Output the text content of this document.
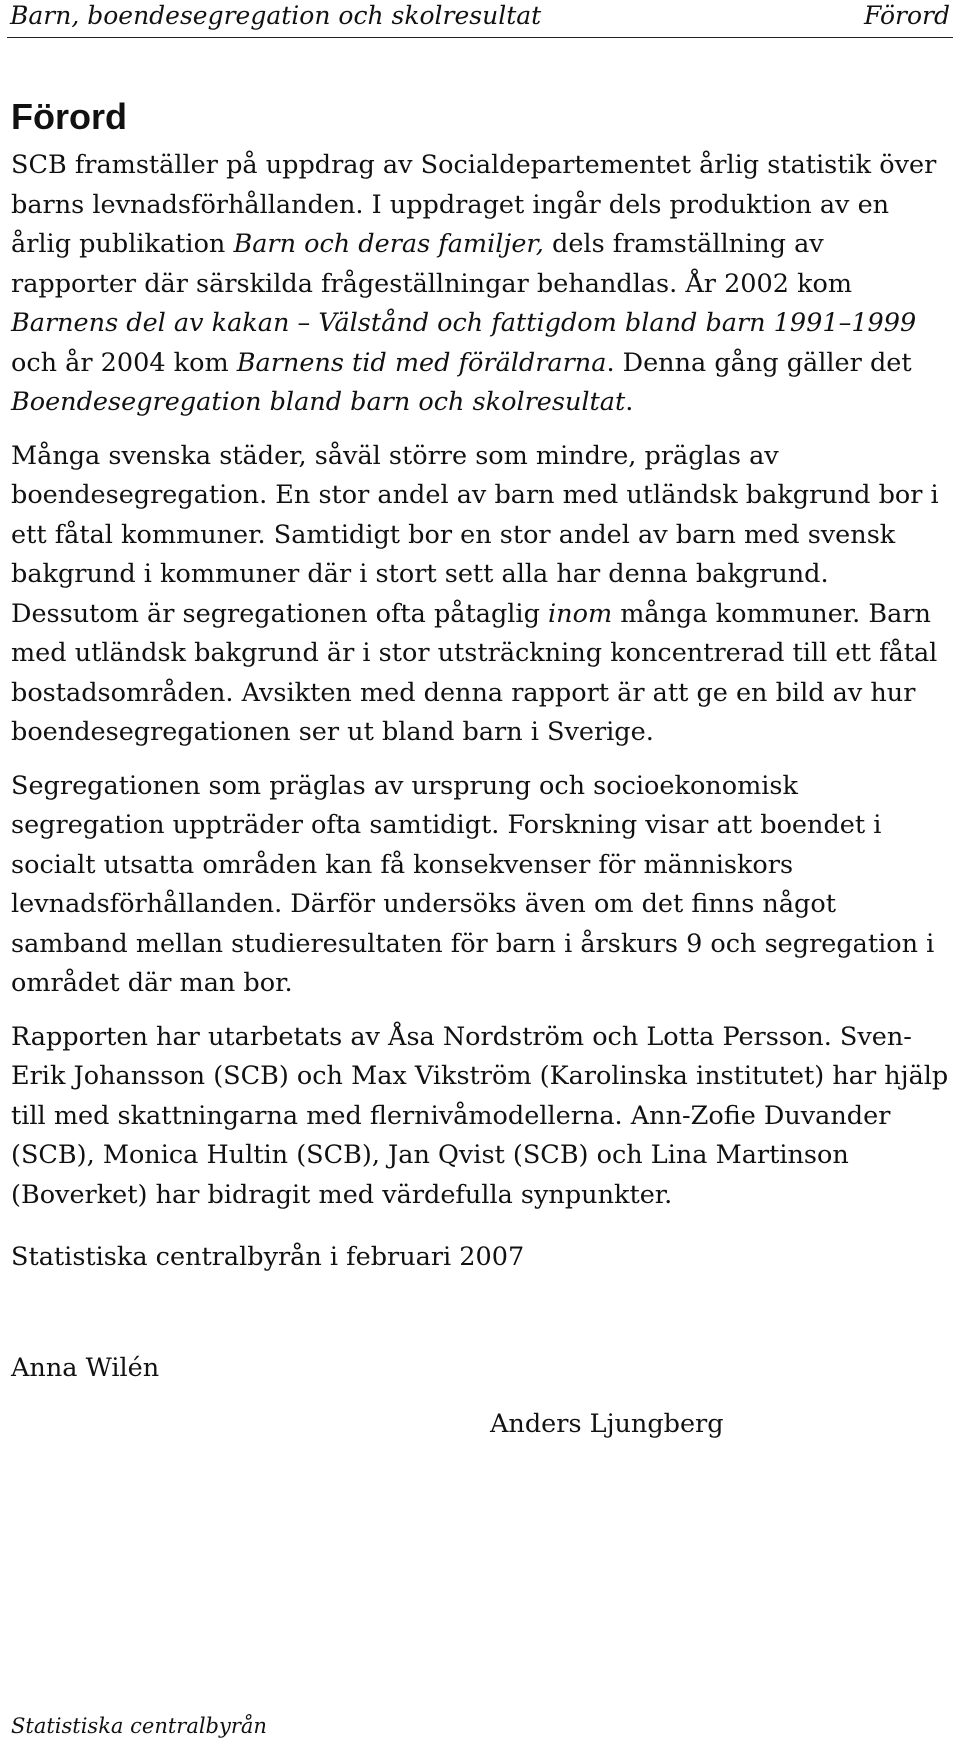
Barn, boendesegregation och skolresultat	Förord
Förord

SCB framställer på uppdrag av Socialdepartementet årlig statistik över barns levnadsförhållanden. I uppdraget ingår dels produktion av en årlig publikation Barn och deras familjer, dels framställning av rapporter där särskilda frågeställningar behandlas. År 2002 kom Barnens del av kakan – Välstånd och fattigdom bland barn 1991–1999 och år 2004 kom Barnens tid med föräldrarna. Denna gång gäller det Boendesegregation bland barn och skolresultat.

Många svenska städer, såväl större som mindre, präglas av boendesegregation. En stor andel av barn med utländsk bakgrund bor i ett fåtal kommuner. Samtidigt bor en stor andel av barn med svensk bakgrund i kommuner där i stort sett alla har denna bakgrund. Dessutom är segregationen ofta påtaglig inom många kommuner. Barn med utländsk bakgrund är i stor utsträckning koncentrerad till ett fåtal bostadsområden. Avsikten med denna rapport är att ge en bild av hur boendesegregationen ser ut bland barn i Sverige.

Segregationen som präglas av ursprung och socioekonomisk segregation uppträder ofta samtidigt. Forskning visar att boendet i socialt utsatta områden kan få konsekvenser för människors levnadsförhållanden. Därför undersöks även om det finns något samband mellan studieresultaten för barn i årskurs 9 och segregation i området där man bor.

Rapporten har utarbetats av Åsa Nordström och Lotta Persson. Sven-Erik Johansson (SCB) och Max Vikström (Karolinska institutet) har hjälp till med skattningarna med flernivåmodellerna. Ann-Zofie Duvander (SCB), Monica Hultin (SCB), Jan Qvist (SCB) och Lina Martinson (Boverket) har bidragit med värdefulla synpunkter.

Statistiska centralbyrån i februari 2007
Anna Wilén
Anders Ljungberg
Statistiska centralbyrån
